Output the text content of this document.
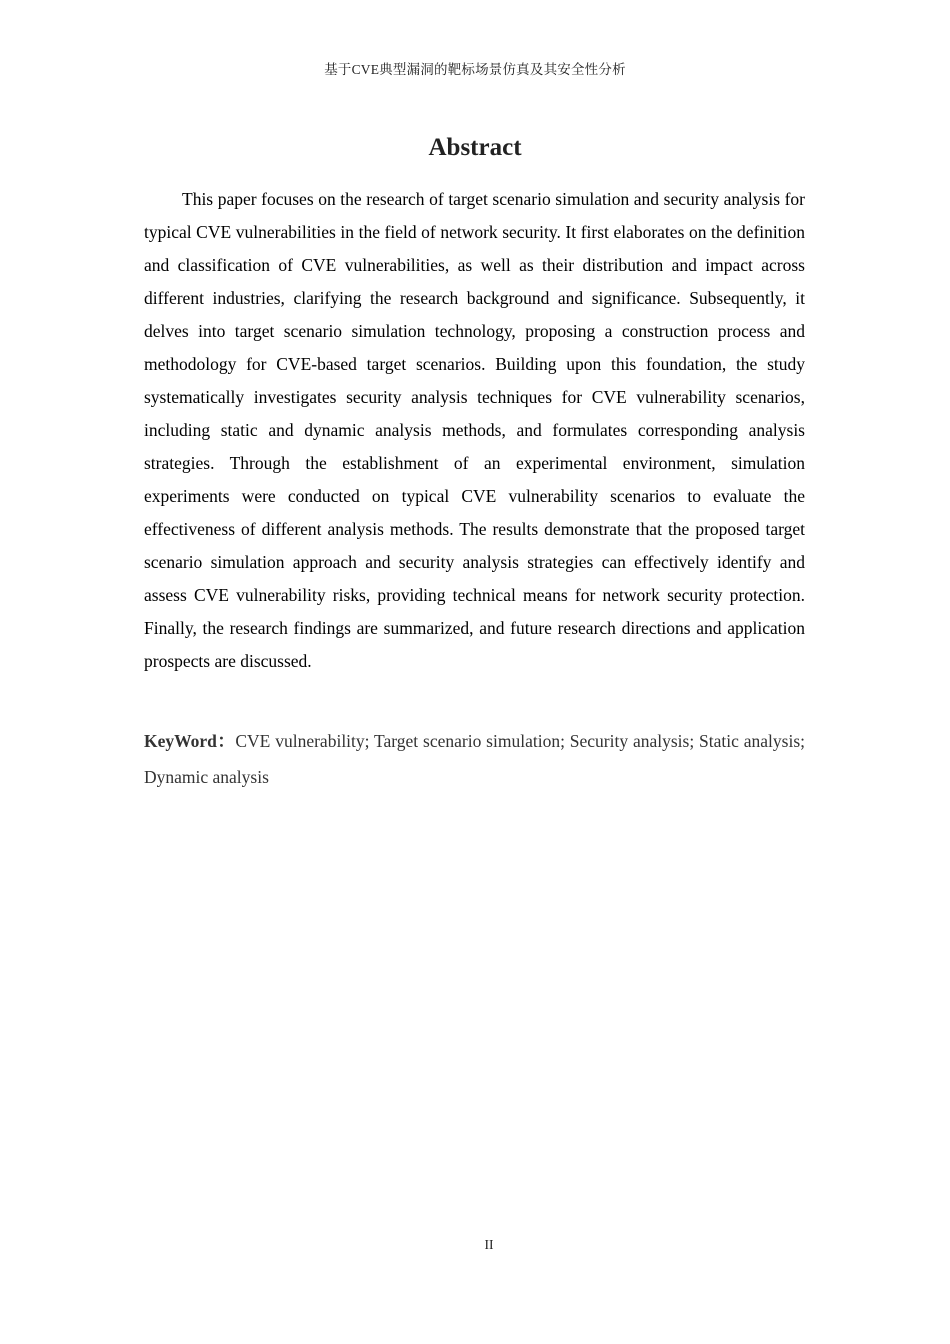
基于CVE典型漏洞的靶标场景仿真及其安全性分析
Abstract

This paper focuses on the research of target scenario simulation and security analysis for typical CVE vulnerabilities in the field of network security. It first elaborates on the definition and classification of CVE vulnerabilities, as well as their distribution and impact across different industries, clarifying the research background and significance. Subsequently, it delves into target scenario simulation technology, proposing a construction process and methodology for CVE-based target scenarios. Building upon this foundation, the study systematically investigates security analysis techniques for CVE vulnerability scenarios, including static and dynamic analysis methods, and formulates corresponding analysis strategies. Through the establishment of an experimental environment, simulation experiments were conducted on typical CVE vulnerability scenarios to evaluate the effectiveness of different analysis methods. The results demonstrate that the proposed target scenario simulation approach and security analysis strategies can effectively identify and assess CVE vulnerability risks, providing technical means for network security protection. Finally, the research findings are summarized, and future research directions and application prospects are discussed.

KeyWord：CVE vulnerability; Target scenario simulation; Security analysis; Static analysis; Dynamic analysis

II
